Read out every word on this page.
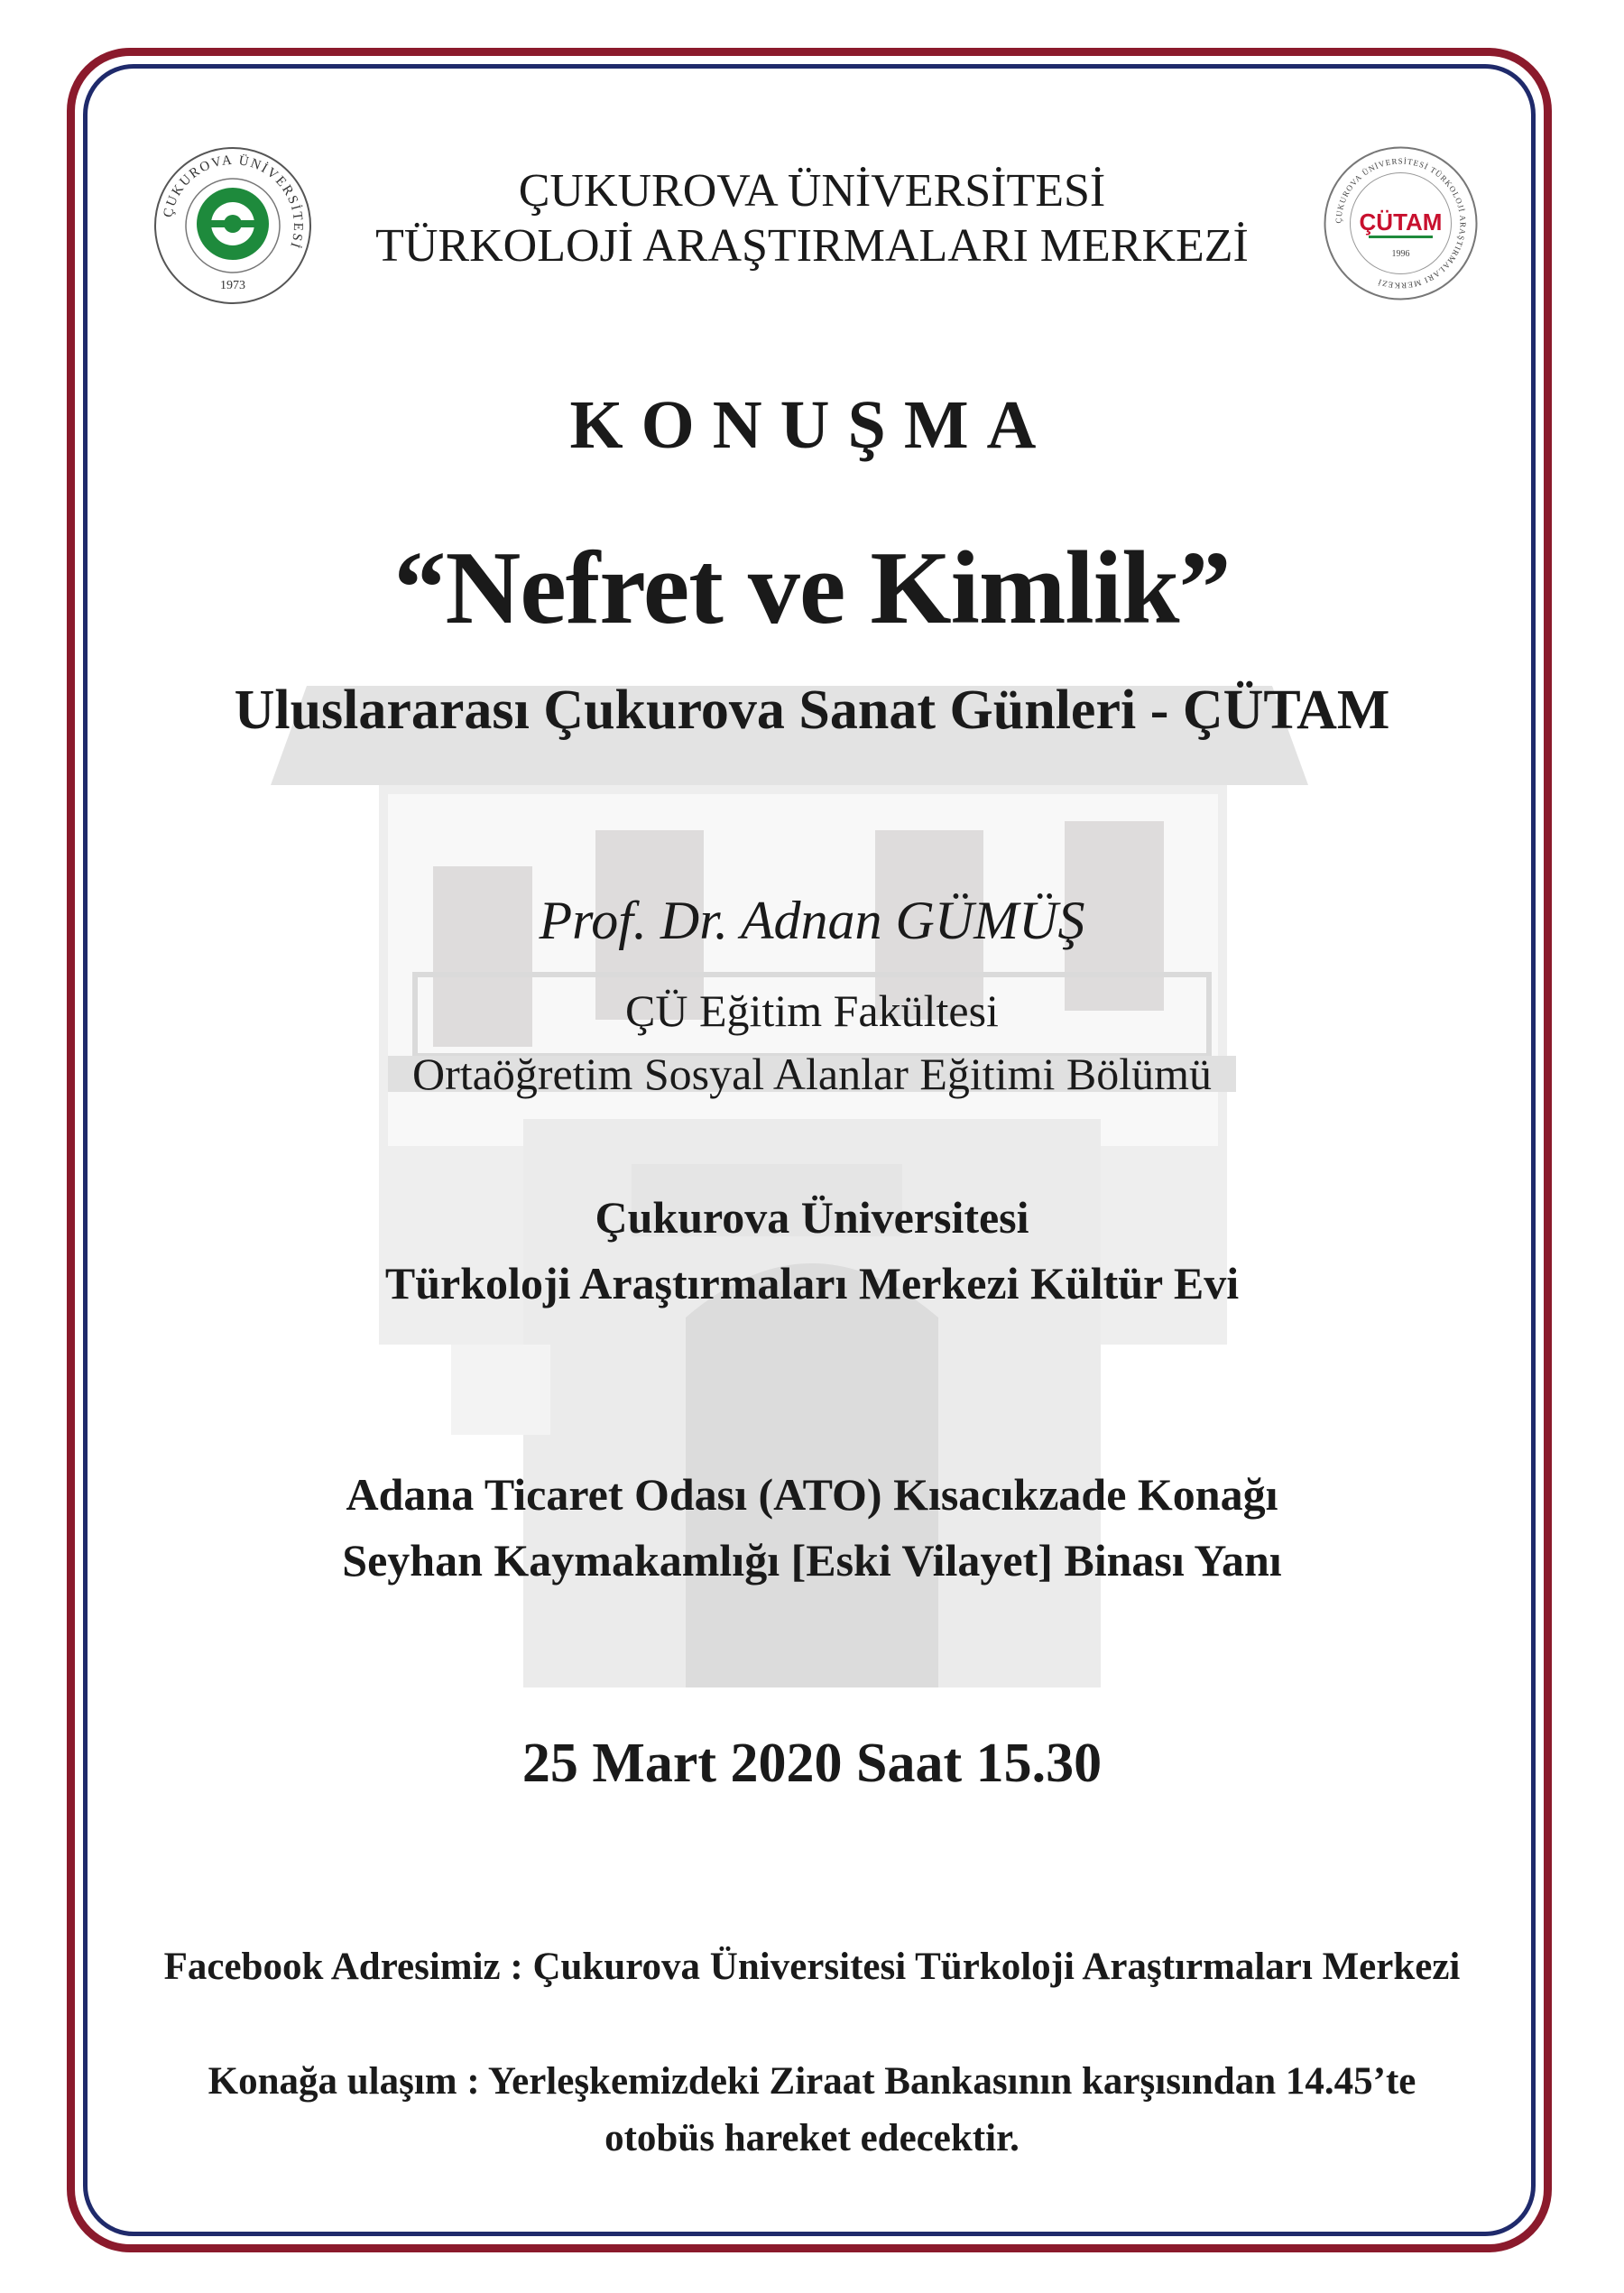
ÇUKUROVA ÜNİVERSİTESİ
1973
ÇUKUROVA ÜNİVERSİTESİ TÜRKOLOJİ ARAŞTIRMALARI MERKEZİ
ÇÜTAM
1996
ÇUKUROVA ÜNİVERSİTESİ
TÜRKOLOJİ ARAŞTIRMALARI MERKEZİ
KONUŞMA
“Nefret ve Kimlik”
Uluslararası Çukurova Sanat Günleri - ÇÜTAM
Prof. Dr. Adnan GÜMÜŞ
ÇÜ Eğitim Fakültesi
Ortaöğretim Sosyal Alanlar Eğitimi Bölümü
Çukurova Üniversitesi
Türkoloji Araştırmaları Merkezi Kültür Evi
Adana Ticaret Odası (ATO) Kısacıkzade Konağı
Seyhan Kaymakamlığı [Eski Vilayet] Binası Yanı
25 Mart 2020 Saat 15.30
Facebook Adresimiz : Çukurova Üniversitesi Türkoloji Araştırmaları Merkezi
Konağa ulaşım : Yerleşkemizdeki Ziraat Bankasının karşısından 14.45’te
otobüs hareket edecektir.
